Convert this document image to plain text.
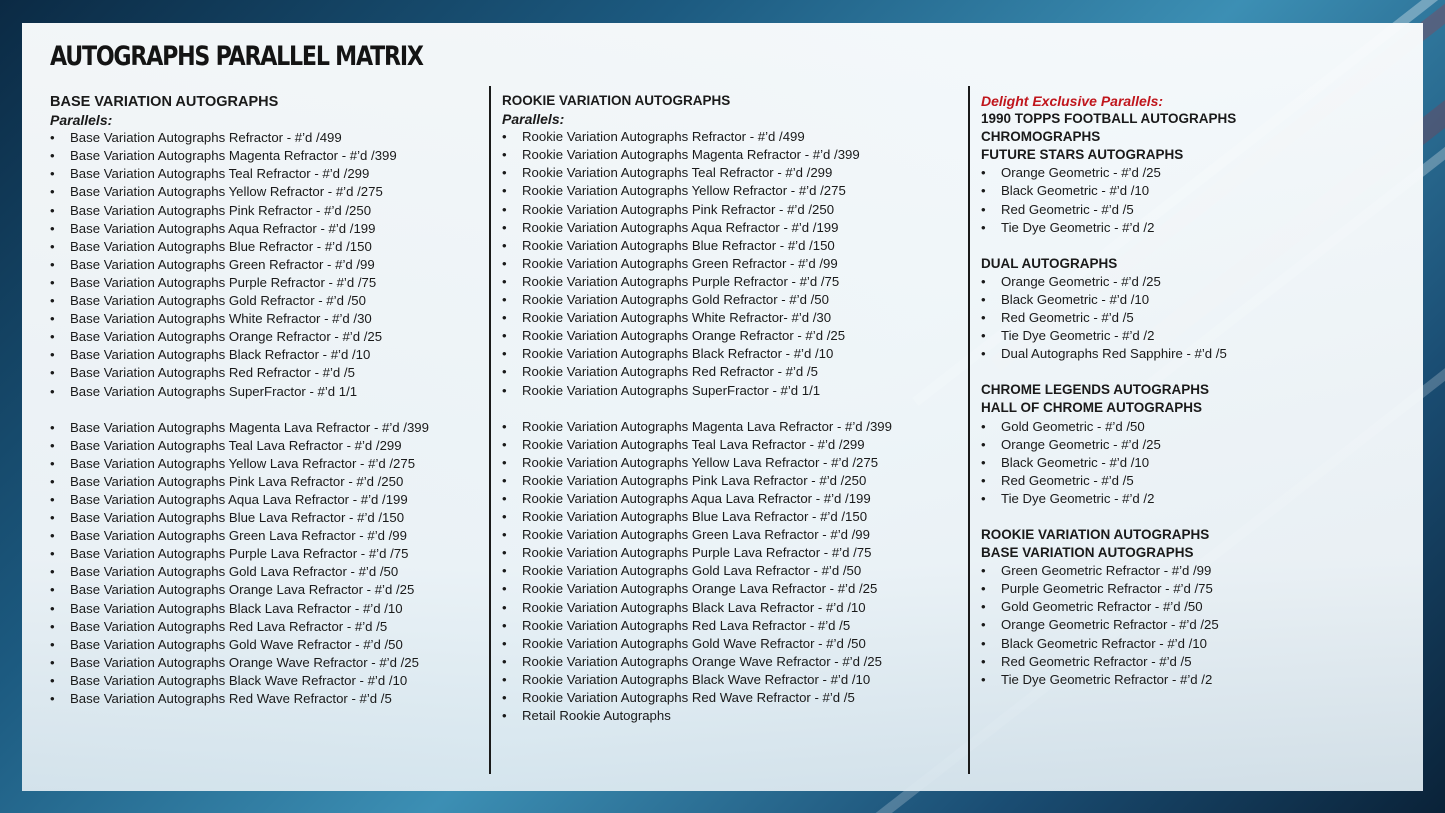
AUTOGRAPHS PARALLEL MATRIX

BASE VARIATION AUTOGRAPHS

Parallels:

• Base Variation Autographs Refractor - #’d /499
• Base Variation Autographs Magenta Refractor - #’d /399
• Base Variation Autographs Teal Refractor - #’d /299
• Base Variation Autographs Yellow Refractor - #’d /275
• Base Variation Autographs Pink Refractor - #’d /250
• Base Variation Autographs Aqua Refractor - #’d /199
• Base Variation Autographs Blue Refractor - #’d /150
• Base Variation Autographs Green Refractor - #’d /99
• Base Variation Autographs Purple Refractor - #’d /75
• Base Variation Autographs Gold Refractor - #’d /50
• Base Variation Autographs White Refractor - #’d /30
• Base Variation Autographs Orange Refractor - #’d /25
• Base Variation Autographs Black Refractor - #’d /10
• Base Variation Autographs Red Refractor - #’d /5
• Base Variation Autographs SuperFractor - #’d 1/1
• Base Variation Autographs Magenta Lava Refractor - #’d /399
• Base Variation Autographs Teal Lava Refractor - #’d /299
• Base Variation Autographs Yellow Lava Refractor - #’d /275
• Base Variation Autographs Pink Lava Refractor - #’d /250
• Base Variation Autographs Aqua Lava Refractor - #’d /199
• Base Variation Autographs Blue Lava Refractor - #’d /150
• Base Variation Autographs Green Lava Refractor - #’d /99
• Base Variation Autographs Purple Lava Refractor - #’d /75
• Base Variation Autographs Gold Lava Refractor - #’d /50
• Base Variation Autographs Orange Lava Refractor - #’d /25
• Base Variation Autographs Black Lava Refractor - #’d /10
• Base Variation Autographs Red Lava Refractor - #’d /5
• Base Variation Autographs Gold Wave Refractor - #’d /50
• Base Variation Autographs Orange Wave Refractor - #’d /25
• Base Variation Autographs Black Wave Refractor - #’d /10
• Base Variation Autographs Red Wave Refractor - #’d /5

ROOKIE VARIATION AUTOGRAPHS

Parallels:

• Rookie Variation Autographs Refractor - #’d /499
• Rookie Variation Autographs Magenta Refractor - #’d /399
• Rookie Variation Autographs Teal Refractor - #’d /299
• Rookie Variation Autographs Yellow Refractor - #’d /275
• Rookie Variation Autographs Pink Refractor - #’d /250
• Rookie Variation Autographs Aqua Refractor - #’d /199
• Rookie Variation Autographs Blue Refractor - #’d /150
• Rookie Variation Autographs Green Refractor - #’d /99
• Rookie Variation Autographs Purple Refractor - #’d /75
• Rookie Variation Autographs Gold Refractor - #’d /50
• Rookie Variation Autographs White Refractor- #’d /30
• Rookie Variation Autographs Orange Refractor - #’d /25
• Rookie Variation Autographs Black Refractor - #’d /10
• Rookie Variation Autographs Red Refractor - #’d /5
• Rookie Variation Autographs SuperFractor - #’d 1/1
• Rookie Variation Autographs Magenta Lava Refractor - #’d /399
• Rookie Variation Autographs Teal Lava Refractor - #’d /299
• Rookie Variation Autographs Yellow Lava Refractor - #’d /275
• Rookie Variation Autographs Pink Lava Refractor - #’d /250
• Rookie Variation Autographs Aqua Lava Refractor - #’d /199
• Rookie Variation Autographs Blue Lava Refractor - #’d /150
• Rookie Variation Autographs Green Lava Refractor - #’d /99
• Rookie Variation Autographs Purple Lava Refractor - #’d /75
• Rookie Variation Autographs Gold Lava Refractor - #’d /50
• Rookie Variation Autographs Orange Lava Refractor - #’d /25
• Rookie Variation Autographs Black Lava Refractor - #’d /10
• Rookie Variation Autographs Red Lava Refractor - #’d /5
• Rookie Variation Autographs Gold Wave Refractor - #’d /50
• Rookie Variation Autographs Orange Wave Refractor - #’d /25
• Rookie Variation Autographs Black Wave Refractor - #’d /10
• Rookie Variation Autographs Red Wave Refractor - #’d /5
• Retail Rookie Autographs

Delight Exclusive Parallels:

1990 TOPPS FOOTBALL AUTOGRAPHS

CHROMOGRAPHS

FUTURE STARS AUTOGRAPHS

• Orange Geometric - #’d /25
• Black Geometric - #’d /10
• Red Geometric - #’d /5
• Tie Dye Geometric - #’d /2

DUAL AUTOGRAPHS

• Orange Geometric - #’d /25
• Black Geometric - #’d /10
• Red Geometric - #’d /5
• Tie Dye Geometric - #’d /2
• Dual Autographs Red Sapphire - #’d /5

CHROME LEGENDS AUTOGRAPHS

HALL OF CHROME AUTOGRAPHS

• Gold Geometric - #’d /50
• Orange Geometric - #’d /25
• Black Geometric - #’d /10
• Red Geometric - #’d /5
• Tie Dye Geometric - #’d /2

ROOKIE VARIATION AUTOGRAPHS

BASE VARIATION AUTOGRAPHS

• Green Geometric Refractor - #’d /99
• Purple Geometric Refractor - #’d /75
• Gold Geometric Refractor - #’d /50
• Orange Geometric Refractor - #’d /25
• Black Geometric Refractor - #’d /10
• Red Geometric Refractor - #’d /5
• Tie Dye Geometric Refractor - #’d /2
